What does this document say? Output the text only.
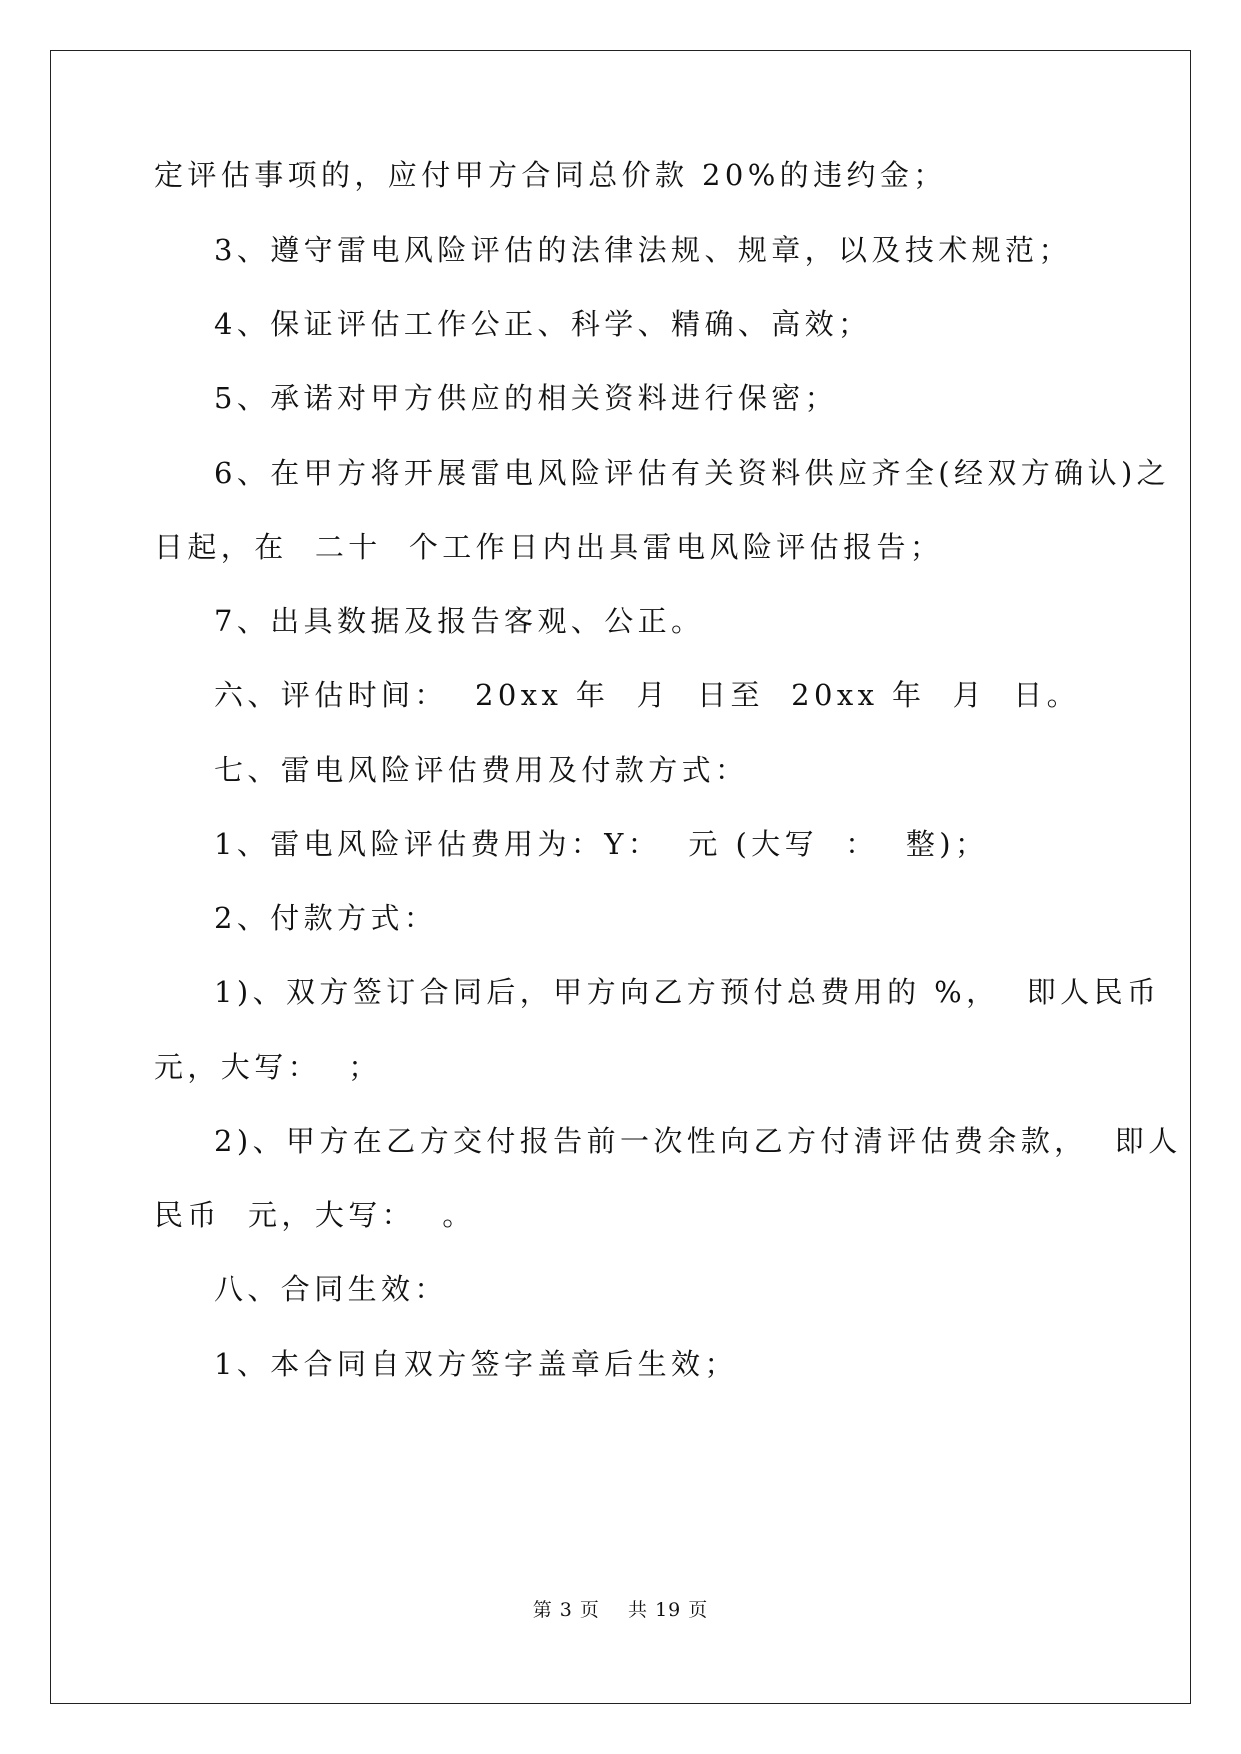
定评估事项的，应付甲方合同总价款 20%的违约金；
3、遵守雷电风险评估的法律法规、规章，以及技术规范；
4、保证评估工作公正、科学、精确、高效；
5、承诺对甲方供应的相关资料进行保密；
6、在甲方将开展雷电风险评估有关资料供应齐全(经双方确认)之
日起，在  二十  个工作日内出具雷电风险评估报告；
7、出具数据及报告客观、公正。
六、评估时间：  20xx 年  月  日至  20xx 年  月  日。
七、雷电风险评估费用及付款方式：
1、雷电风险评估费用为：Y：  元 (大写  ：  整)；
2、付款方式：
1)、双方签订合同后，甲方向乙方预付总费用的 %，  即人民币
元，大写：  ；
2)、甲方在乙方交付报告前一次性向乙方付清评估费余款，  即人
民币  元，大写：  。
八、合同生效：
1、本合同自双方签字盖章后生效；
第 3 页    共 19 页
